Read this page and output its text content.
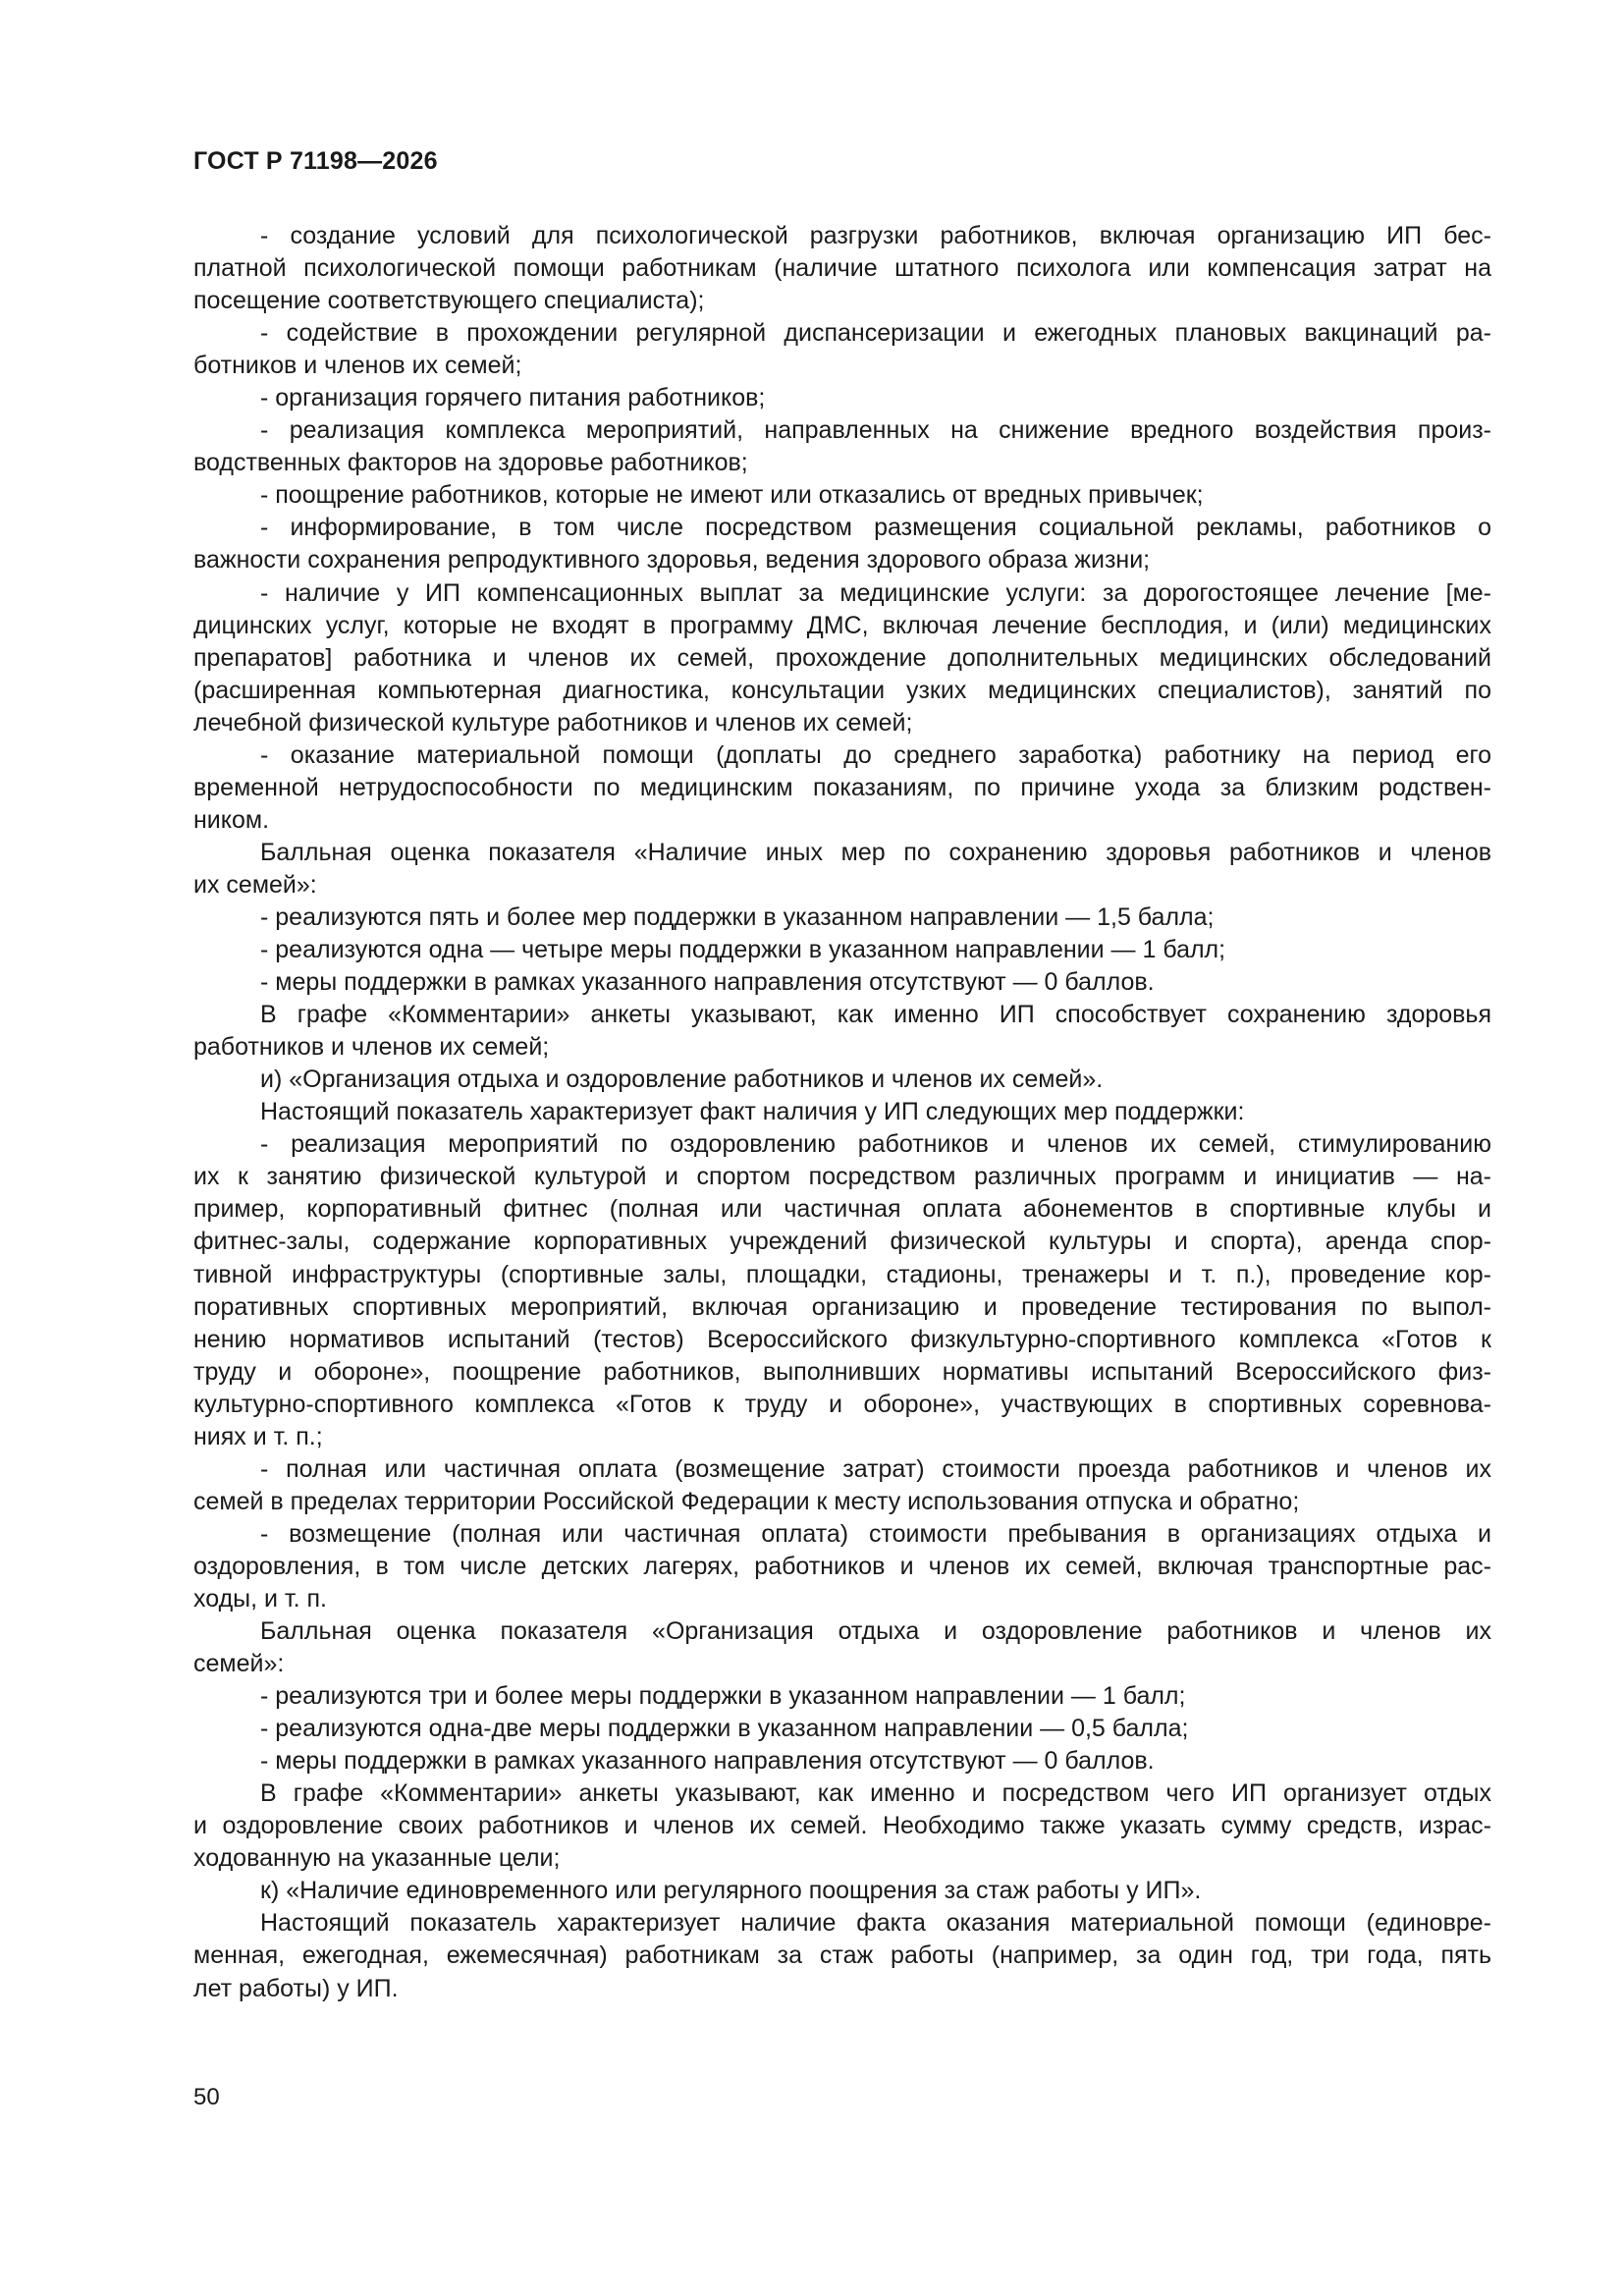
ГОСТ Р 71198—2026
- создание условий для психологической разгрузки работников, включая организацию ИП бес-
платной психологической помощи работникам (наличие штатного психолога или компенсация затрат на
посещение соответствующего специалиста);
- содействие в прохождении регулярной диспансеризации и ежегодных плановых вакцинаций ра-
ботников и членов их семей;
- организация горячего питания работников;
- реализация комплекса мероприятий, направленных на снижение вредного воздействия произ-
водственных факторов на здоровье работников;
- поощрение работников, которые не имеют или отказались от вредных привычек;
- информирование, в том числе посредством размещения социальной рекламы, работников о
важности сохранения репродуктивного здоровья, ведения здорового образа жизни;
- наличие у ИП компенсационных выплат за медицинские услуги: за дорогостоящее лечение [ме-
дицинских услуг, которые не входят в программу ДМС, включая лечение бесплодия, и (или) медицинских
препаратов] работника и членов их семей, прохождение дополнительных медицинских обследований
(расширенная компьютерная диагностика, консультации узких медицинских специалистов), занятий по
лечебной физической культуре работников и членов их семей;
- оказание материальной помощи (доплаты до среднего заработка) работнику на период его
временной нетрудоспособности по медицинским показаниям, по причине ухода за близким родствен-
ником.
Балльная оценка показателя «Наличие иных мер по сохранению здоровья работников и членов
их семей»:
- реализуются пять и более мер поддержки в указанном направлении — 1,5 балла;
- реализуются одна — четыре меры поддержки в указанном направлении — 1 балл;
- меры поддержки в рамках указанного направления отсутствуют — 0 баллов.
В графе «Комментарии» анкеты указывают, как именно ИП способствует сохранению здоровья
работников и членов их семей;
и) «Организация отдыха и оздоровление работников и членов их семей».
Настоящий показатель характеризует факт наличия у ИП следующих мер поддержки:
- реализация мероприятий по оздоровлению работников и членов их семей, стимулированию
их к занятию физической культурой и спортом посредством различных программ и инициатив — на-
пример, корпоративный фитнес (полная или частичная оплата абонементов в спортивные клубы и
фитнес-залы, содержание корпоративных учреждений физической культуры и спорта), аренда спор-
тивной инфраструктуры (спортивные залы, площадки, стадионы, тренажеры и т. п.), проведение кор-
поративных спортивных мероприятий, включая организацию и проведение тестирования по выпол-
нению нормативов испытаний (тестов) Всероссийского физкультурно-спортивного комплекса «Готов к
труду и обороне», поощрение работников, выполнивших нормативы испытаний Всероссийского физ-
культурно-спортивного комплекса «Готов к труду и обороне», участвующих в спортивных соревнова-
ниях и т. п.;
- полная или частичная оплата (возмещение затрат) стоимости проезда работников и членов их
семей в пределах территории Российской Федерации к месту использования отпуска и обратно;
- возмещение (полная или частичная оплата) стоимости пребывания в организациях отдыха и
оздоровления, в том числе детских лагерях, работников и членов их семей, включая транспортные рас-
ходы, и т. п.
Балльная оценка показателя «Организация отдыха и оздоровление работников и членов их
семей»:
- реализуются три и более меры поддержки в указанном направлении — 1 балл;
- реализуются одна-две меры поддержки в указанном направлении — 0,5 балла;
- меры поддержки в рамках указанного направления отсутствуют — 0 баллов.
В графе «Комментарии» анкеты указывают, как именно и посредством чего ИП организует отдых
и оздоровление своих работников и членов их семей. Необходимо также указать сумму средств, израс-
ходованную на указанные цели;
к) «Наличие единовременного или регулярного поощрения за стаж работы у ИП».
Настоящий показатель характеризует наличие факта оказания материальной помощи (единовре-
менная, ежегодная, ежемесячная) работникам за стаж работы (например, за один год, три года, пять
лет работы) у ИП.
50
